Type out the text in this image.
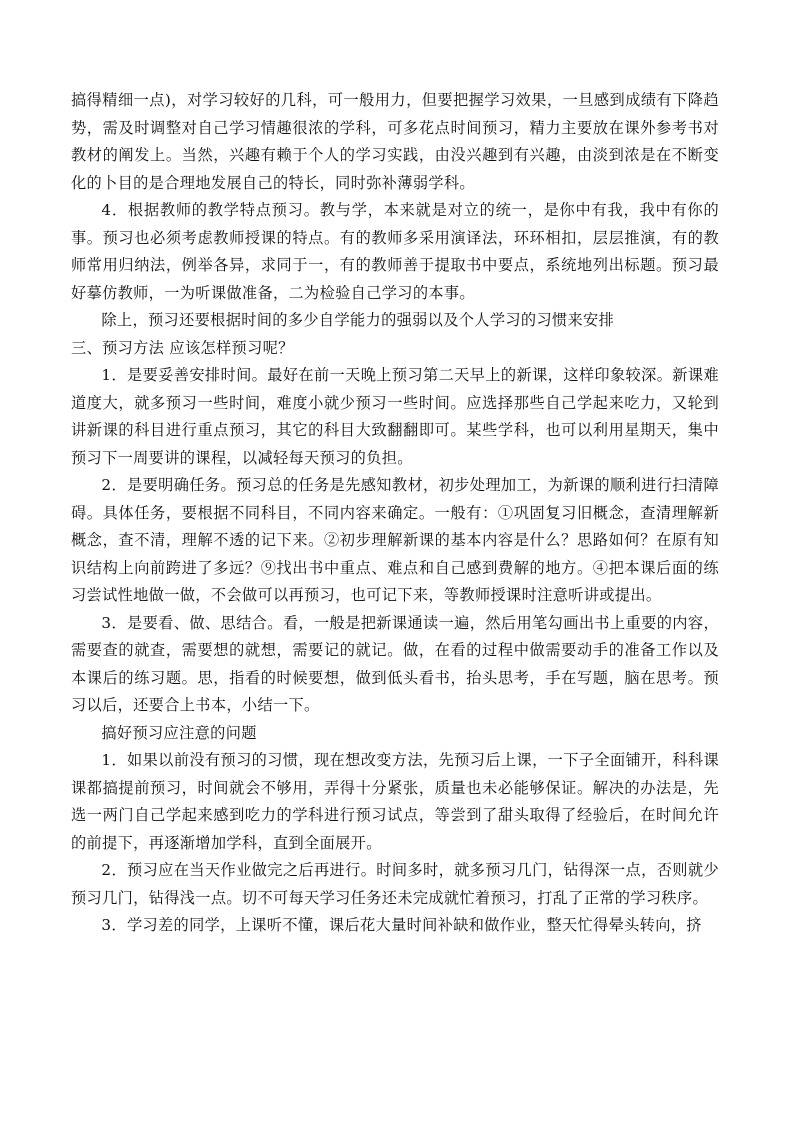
搞得精细一点)，对学习较好的几科，可一般用力，但要把握学习效果，一旦感到成绩有下降趋势，需及时调整对自己学习情趣很浓的学科，可多花点时间预习，精力主要放在课外参考书对教材的阐发上。当然，兴趣有赖于个人的学习实践，由没兴趣到有兴趣，由淡到浓是在不断变化的卜目的是合理地发展自己的特长，同时弥补薄弱学科。

4．根据教师的教学特点预习。教与学，本来就是对立的统一，是你中有我，我中有你的事。预习也必须考虑教师授课的特点。有的教师多采用演译法，环环相扣，层层推演，有的教师常用归纳法，例举各异，求同于一，有的教师善于提取书中要点，系统地列出标题。预习最好摹仿教师，一为听课做准备，二为检验自己学习的本事。

除上，预习还要根据时间的多少自学能力的强弱以及个人学习的习惯来安排

三、预习方法 应该怎样预习呢？

1．是要妥善安排时间。最好在前一天晚上预习第二天早上的新课，这样印象较深。新课难道度大，就多预习一些时间，难度小就少预习一些时间。应选择那些自己学起来吃力，又轮到讲新课的科目进行重点预习，其它的科目大致翻翻即可。某些学科，也可以利用星期天，集中预习下一周要讲的课程，以减轻每天预习的负担。

2．是要明确任务。预习总的任务是先感知教材，初步处理加工，为新课的顺利进行扫清障碍。具体任务，要根据不同科目，不同内容来确定。一般有：①巩固复习旧概念，查清理解新概念，查不清，理解不透的记下来。②初步理解新课的基本内容是什么？思路如何？在原有知识结构上向前跨进了多远？⑨找出书中重点、难点和自己感到费解的地方。④把本课后面的练习尝试性地做一做，不会做可以再预习，也可记下来，等教师授课时注意听讲或提出。

3．是要看、做、思结合。看，一般是把新课通读一遍，然后用笔勾画出书上重要的内容，需要查的就查，需要想的就想，需要记的就记。做，在看的过程中做需要动手的准备工作以及本课后的练习题。思，指看的时候要想，做到低头看书，抬头思考，手在写题，脑在思考。预习以后，还要合上书本，小结一下。

搞好预习应注意的问题

1．如果以前没有预习的习惯，现在想改变方法，先预习后上课，一下子全面铺开，科科课课都搞提前预习，时间就会不够用，弄得十分紧张，质量也未必能够保证。解决的办法是，先选一两门自己学起来感到吃力的学科进行预习试点，等尝到了甜头取得了经验后，在时间允许的前提下，再逐渐增加学科，直到全面展开。

2．预习应在当天作业做完之后再进行。时间多时，就多预习几门，钻得深一点，否则就少预习几门，钻得浅一点。切不可每天学习任务还未完成就忙着预习，打乱了正常的学习秩序。

3．学习差的同学，上课听不懂，课后花大量时间补缺和做作业，整天忙得晕头转向，挤
